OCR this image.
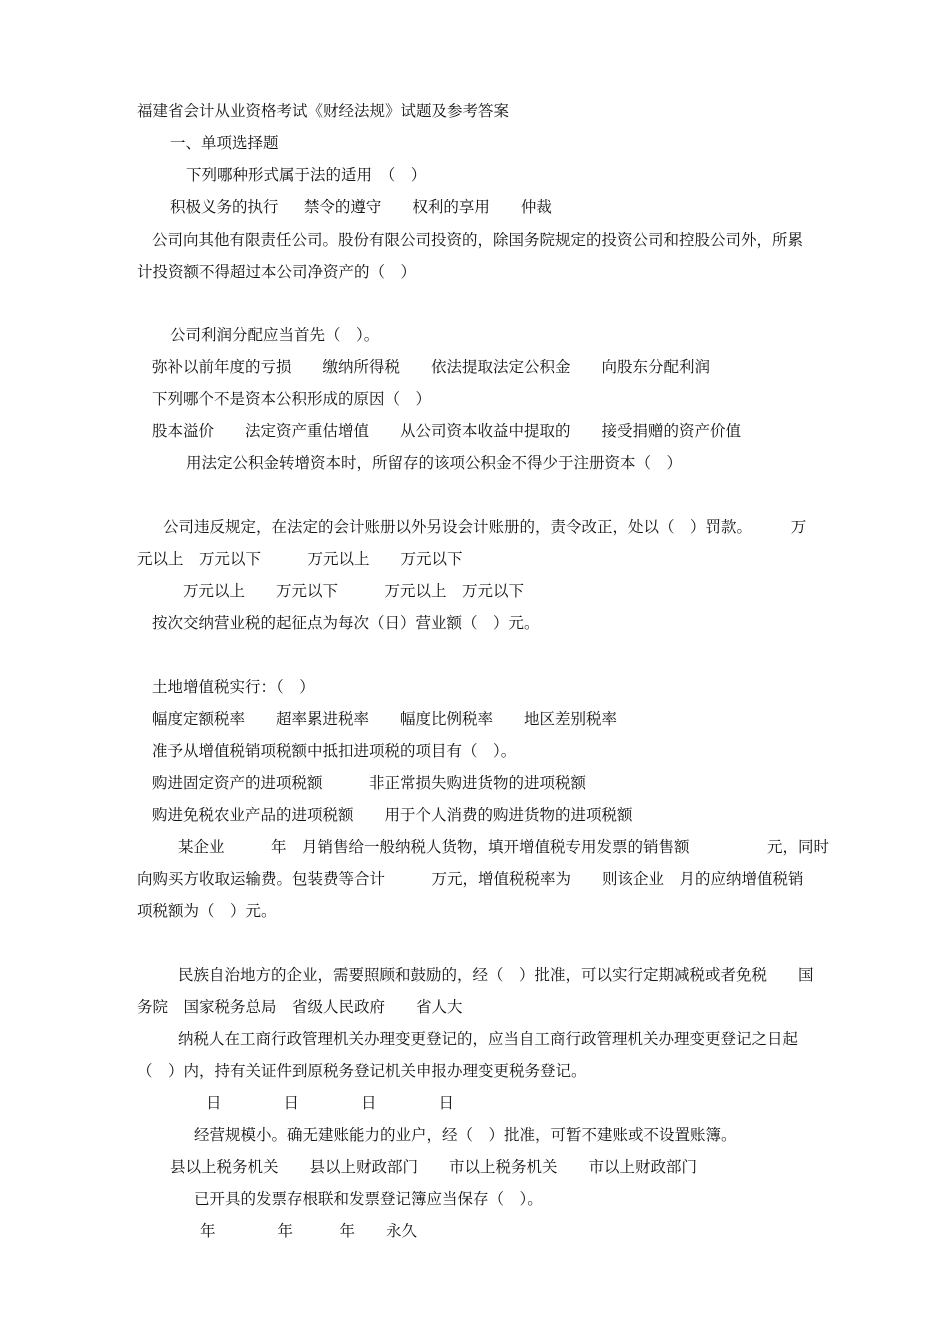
福建省会计从业资格考试《财经法规》试题及参考答案

一、单项选择题

下列哪种形式属于法的适用　（　）

积极义务的执行　  禁令的遵守　　权利的享用　　仲裁

公司向其他有限责任公司。股份有限公司投资的，除国务院规定的投资公司和控股公司外，所累

计投资额不得超过本公司净资产的（　）

公司利润分配应当首先（　）。

弥补以前年度的亏损　　缴纳所得税　　依法提取法定公积金　　向股东分配利润

下列哪个不是资本公积形成的原因（　）

股本溢价　　法定资产重估增值　　从公司资本收益中提取的　　接受捐赠的资产价值

用法定公积金转增资本时，所留存的该项公积金不得少于注册资本（　）

公司违反规定，在法定的会计账册以外另设会计账册的，责令改正，处以（　）罚款。　　　万

元以上　万元以下　　　万元以上　　万元以下

万元以上　　万元以下　　　万元以上　万元以下

按次交纳营业税的起征点为每次（日）营业额（　）元。

土地增值税实行：（　）

幅度定额税率　　超率累进税率　　幅度比例税率　　地区差别税率

准予从增值税销项税额中抵扣进项税的项目有（　）。

购进固定资产的进项税额　　　非正常损失购进货物的进项税额

购进免税农业产品的进项税额　　用于个人消费的购进货物的进项税额

某企业　　　年　月销售给一般纳税人货物，填开增值税专用发票的销售额　　　　　元，同时

向购买方收取运输费。包装费等合计　　　万元，增值税税率为　　则该企业　月的应纳增值税销

项税额为（　）元。

民族自治地方的企业，需要照顾和鼓励的，经（　）批准，可以实行定期减税或者免税　　国

务院　国家税务总局　省级人民政府　　省人大

纳税人在工商行政管理机关办理变更登记的，应当自工商行政管理机关办理变更登记之日起

（　）内，持有关证件到原税务登记机关申报办理变更税务登记。

日　　　　日　　　　日　　　　日

经营规模小。确无建账能力的业户，经（　）批准，可暂不建账或不设置账簿。

县以上税务机关　　县以上财政部门　　市以上税务机关　　市以上财政部门

已开具的发票存根联和发票登记簿应当保存（　）。

年　　　　年　　　年　　永久
